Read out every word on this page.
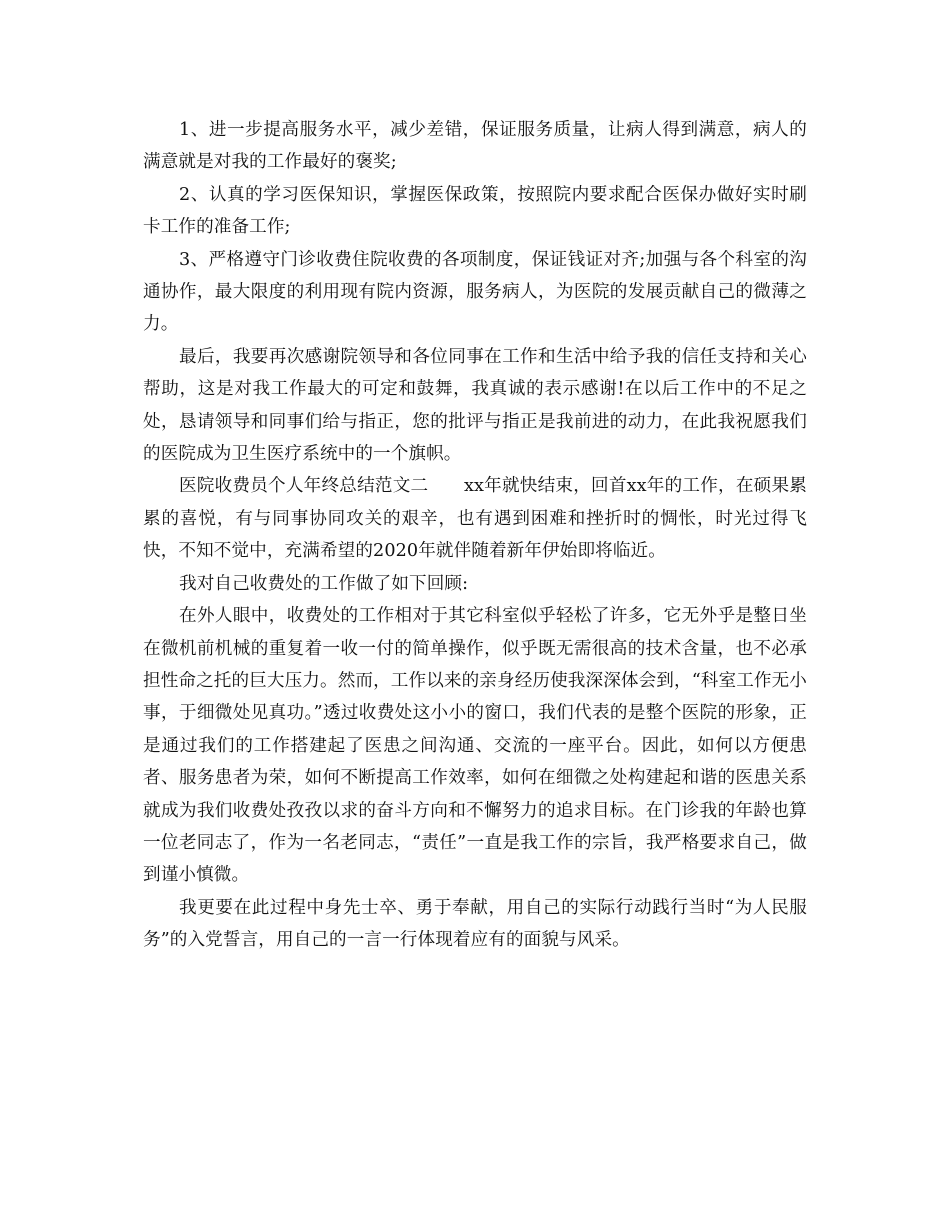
1、进一步提高服务水平，减少差错，保证服务质量，让病人得到满意，病人的满意就是对我的工作最好的褒奖;

2、认真的学习医保知识，掌握医保政策，按照院内要求配合医保办做好实时刷卡工作的准备工作;

3、严格遵守门诊收费住院收费的各项制度，保证钱证对齐;加强与各个科室的沟通协作，最大限度的利用现有院内资源，服务病人，为医院的发展贡献自己的微薄之力。

最后，我要再次感谢院领导和各位同事在工作和生活中给予我的信任支持和关心帮助，这是对我工作最大的可定和鼓舞，我真诚的表示感谢!在以后工作中的不足之处，恳请领导和同事们给与指正，您的批评与指正是我前进的动力，在此我祝愿我们的医院成为卫生医疗系统中的一个旗帜。

医院收费员个人年终总结范文二　　xx年就快结束，回首xx年的工作，在硕果累累的喜悦，有与同事协同攻关的艰辛，也有遇到困难和挫折时的惆怅，时光过得飞快，不知不觉中，充满希望的2020年就伴随着新年伊始即将临近。

我对自己收费处的工作做了如下回顾:

在外人眼中，收费处的工作相对于其它科室似乎轻松了许多，它无外乎是整日坐在微机前机械的重复着一收一付的简单操作，似乎既无需很高的技术含量，也不必承担性命之托的巨大压力。然而，工作以来的亲身经历使我深深体会到，“科室工作无小事，于细微处见真功。”透过收费处这小小的窗口，我们代表的是整个医院的形象，正是通过我们的工作搭建起了医患之间沟通、交流的一座平台。因此，如何以方便患者、服务患者为荣，如何不断提高工作效率，如何在细微之处构建起和谐的医患关系就成为我们收费处孜孜以求的奋斗方向和不懈努力的追求目标。在门诊我的年龄也算一位老同志了，作为一名老同志，“责任”一直是我工作的宗旨，我严格要求自己，做到谨小慎微。

我更要在此过程中身先士卒、勇于奉献，用自己的实际行动践行当时“为人民服务”的入党誓言，用自己的一言一行体现着应有的面貌与风采。
